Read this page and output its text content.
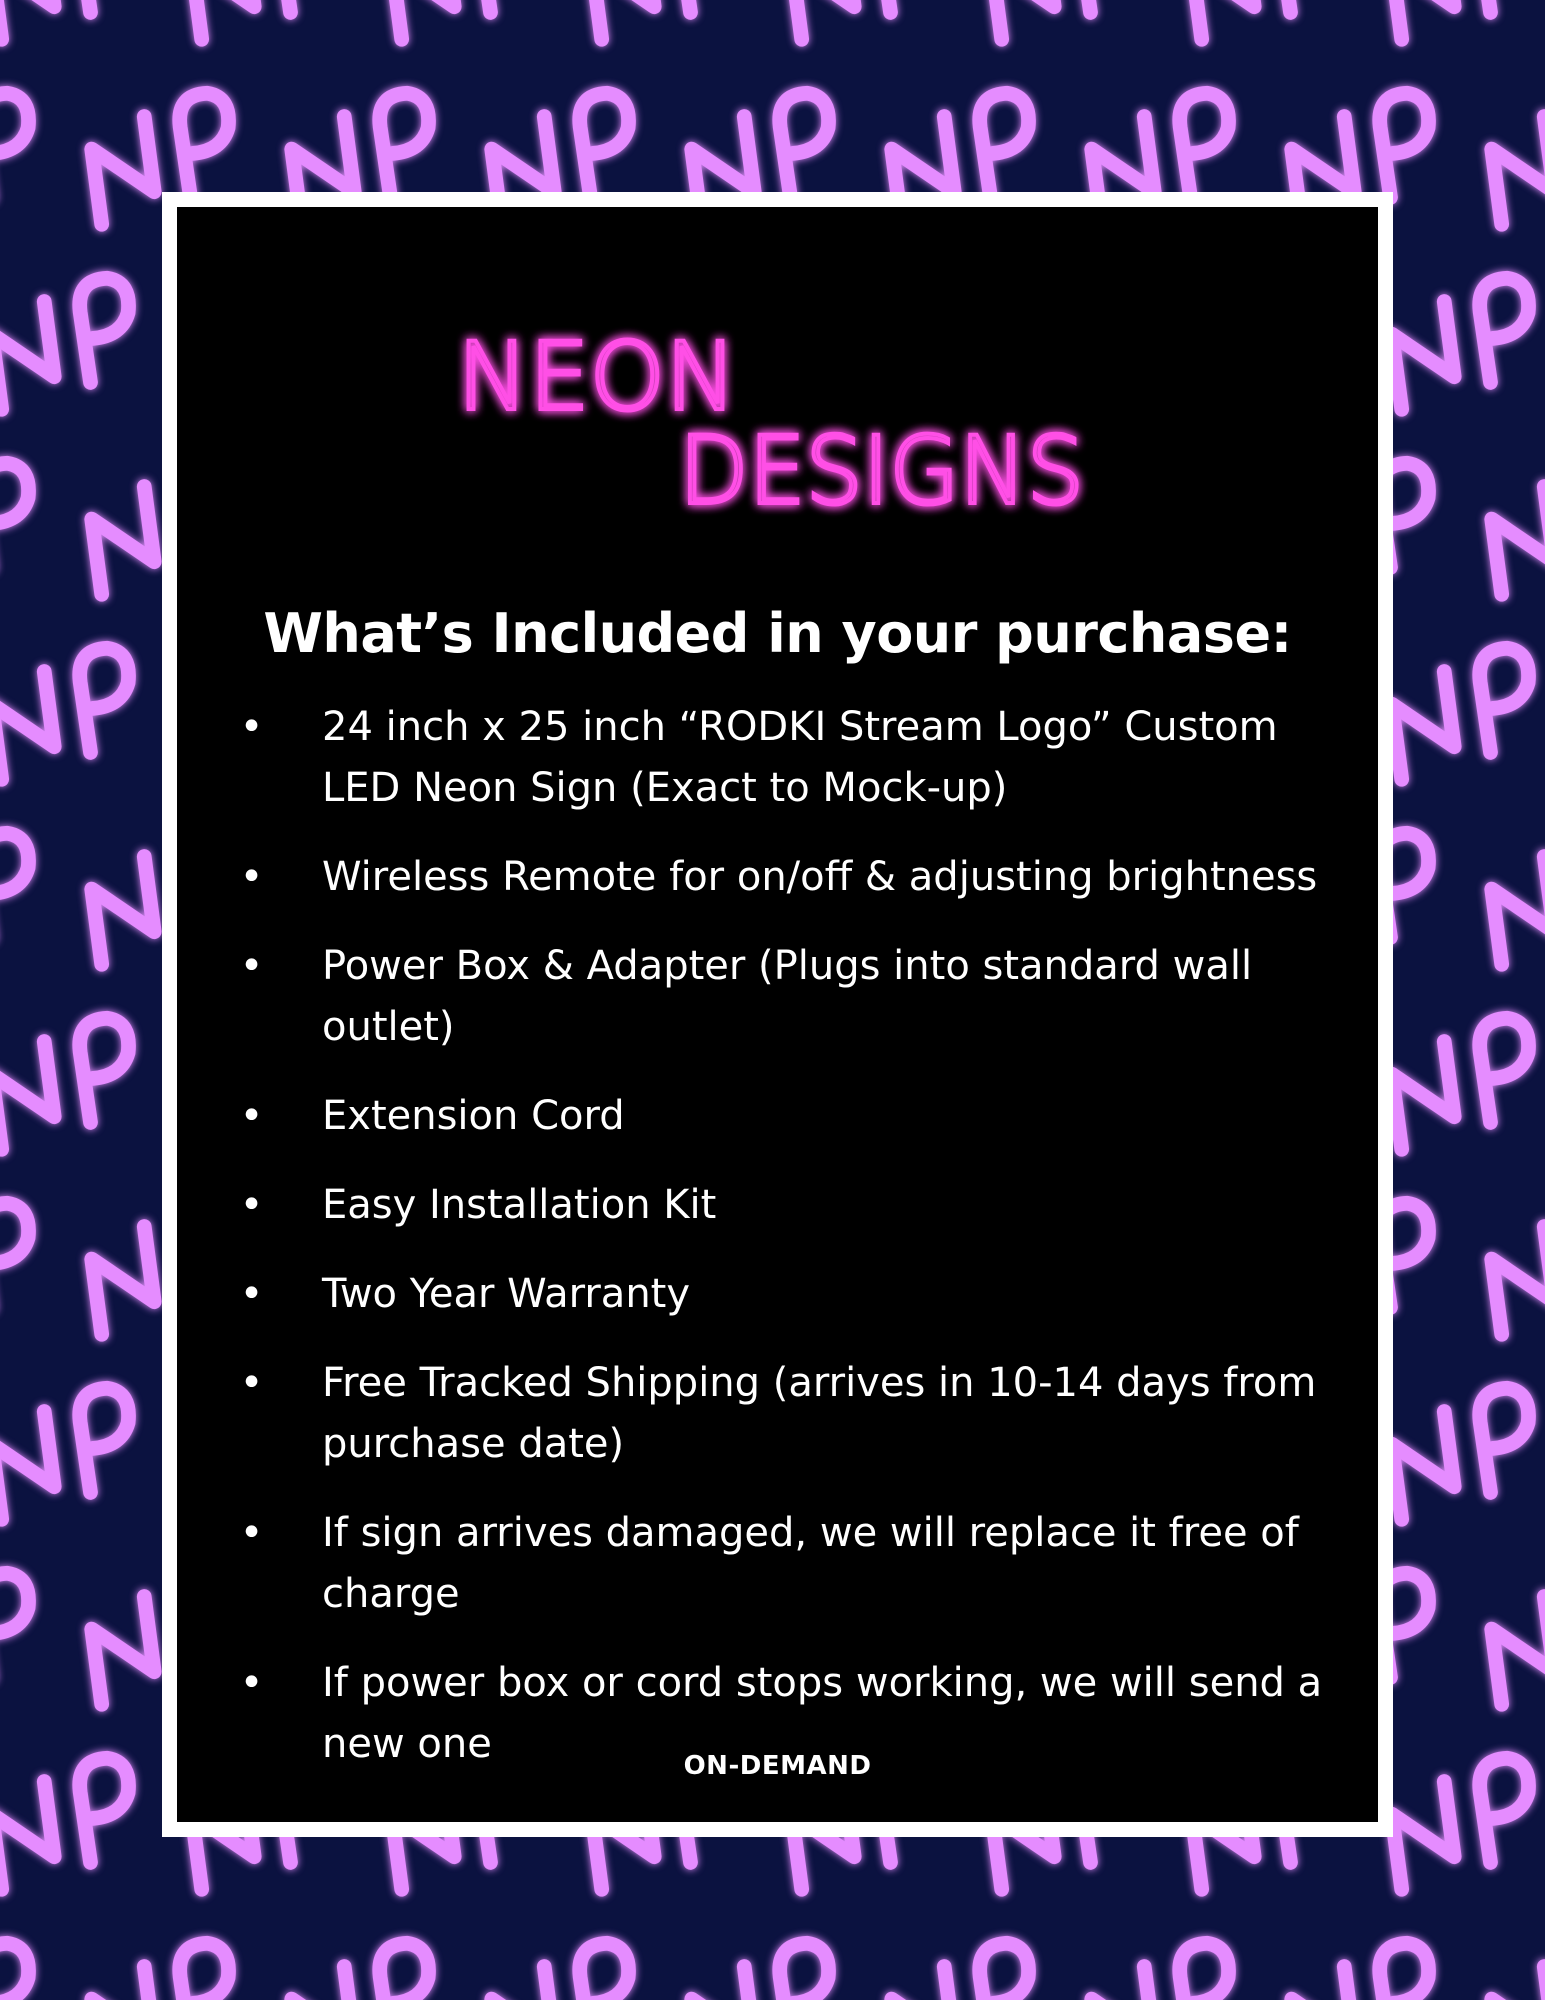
NEON
DESIGNS
What’s Included in your purchase:
• 24 inch x 25 inch “RODKI Stream Logo” Custom LED Neon Sign (Exact to Mock-up)
• Wireless Remote for on/off & adjusting brightness
• Power Box & Adapter (Plugs into standard wall outlet)
• Extension Cord
• Easy Installation Kit
• Two Year Warranty
• Free Tracked Shipping (arrives in 10-14 days from purchase date)
• If sign arrives damaged, we will replace it free of charge
• If power box or cord stops working, we will send a new one	ON-DEMAND
